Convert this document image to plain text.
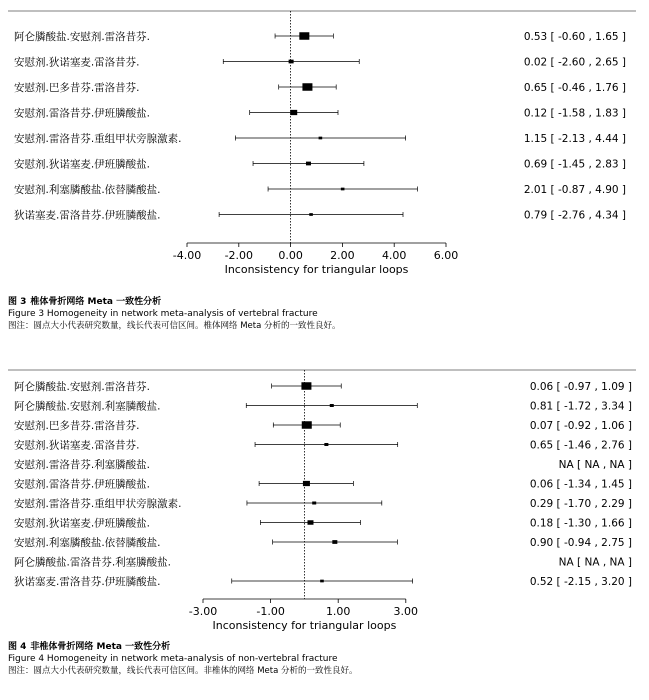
阿仑膦酸盐.安慰剂.雷洛昔芬.	0.53 [ -0.60 , 1.65 ]
安慰剂.狄诺塞麦.雷洛昔芬.	0.02 [ -2.60 , 2.65 ]
安慰剂.巴多昔芬.雷洛昔芬.	0.65 [ -0.46 , 1.76 ]
安慰剂.雷洛昔芬.伊班膦酸盐.	0.12 [ -1.58 , 1.83 ]
安慰剂.雷洛昔芬.重组甲状旁腺激素.	1.15 [ -2.13 , 4.44 ]
安慰剂.狄诺塞麦.伊班膦酸盐.	0.69 [ -1.45 , 2.83 ]
安慰剂.利塞膦酸盐.依替膦酸盐.	2.01 [ -0.87 , 4.90 ]
狄诺塞麦.雷洛昔芬.伊班膦酸盐.	0.79 [ -2.76 , 4.34 ]
-4.00 -2.00 0.00 2.00 4.00 6.00
Inconsistency for triangular loops
图 3 椎体骨折网络 Meta 一致性分析
Figure 3 Homogeneity in network meta-analysis of vertebral fracture
图注：圆点大小代表研究数量，线长代表可信区间。椎体网络 Meta 分析的一致性良好。
阿仑膦酸盐.安慰剂.雷洛昔芬.	0.06 [ -0.97 , 1.09 ]
阿仑膦酸盐.安慰剂.利塞膦酸盐.	0.81 [ -1.72 , 3.34 ]
安慰剂.巴多昔芬.雷洛昔芬.	0.07 [ -0.92 , 1.06 ]
安慰剂.狄诺塞麦.雷洛昔芬.	0.65 [ -1.46 , 2.76 ]
安慰剂.雷洛昔芬.利塞膦酸盐.	NA [ NA , NA ]
安慰剂.雷洛昔芬.伊班膦酸盐.	0.06 [ -1.34 , 1.45 ]
安慰剂.雷洛昔芬.重组甲状旁腺激素.	0.29 [ -1.70 , 2.29 ]
安慰剂.狄诺塞麦.伊班膦酸盐.	0.18 [ -1.30 , 1.66 ]
安慰剂.利塞膦酸盐.依替膦酸盐.	0.90 [ -0.94 , 2.75 ]
阿仑膦酸盐.雷洛昔芬.利塞膦酸盐.	NA [ NA , NA ]
狄诺塞麦.雷洛昔芬.伊班膦酸盐.	0.52 [ -2.15 , 3.20 ]
-3.00	-1.00	1.00	3.00
Inconsistency for triangular loops
图 4 非椎体骨折网络 Meta 一致性分析
Figure 4 Homogeneity in network meta-analysis of non-vertebral fracture
图注：圆点大小代表研究数量，线长代表可信区间。非椎体的网络 Meta 分析的一致性良好。
